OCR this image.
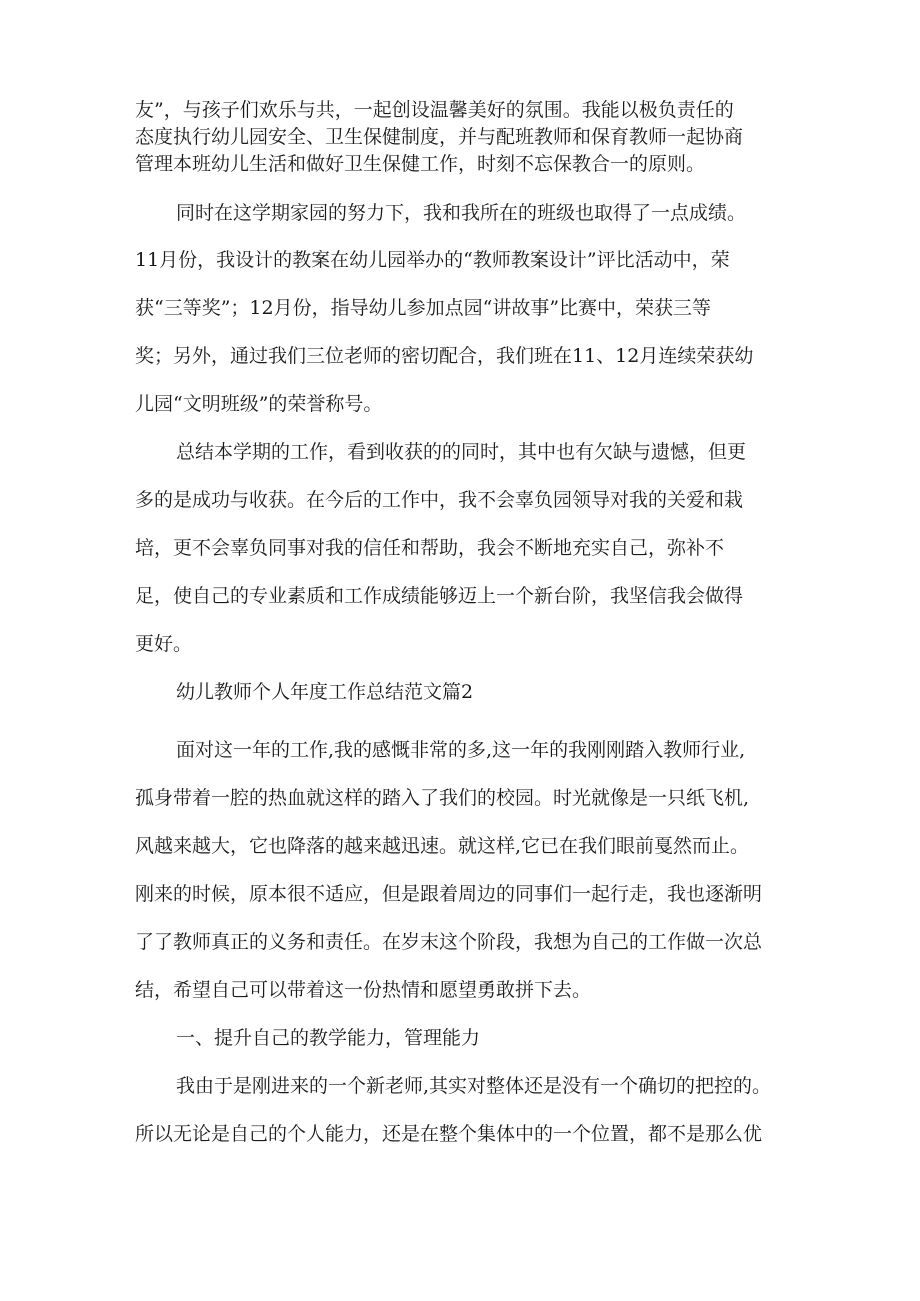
友”，与孩子们欢乐与共，一起创设温馨美好的氛围。我能以极负责任的
态度执行幼儿园安全、卫生保健制度，并与配班教师和保育教师一起协商
管理本班幼儿生活和做好卫生保健工作，时刻不忘保教合一的原则。
同时在这学期家园的努力下，我和我所在的班级也取得了一点成绩。
11月份，我设计的教案在幼儿园举办的“教师教案设计”评比活动中，荣
获“三等奖”；12月份，指导幼儿参加点园“讲故事”比赛中，荣获三等
奖；另外，通过我们三位老师的密切配合，我们班在11、12月连续荣获幼
儿园“文明班级”的荣誉称号。
总结本学期的工作，看到收获的的同时，其中也有欠缺与遗憾，但更
多的是成功与收获。在今后的工作中，我不会辜负园领导对我的关爱和栽
培，更不会辜负同事对我的信任和帮助，我会不断地充实自己，弥补不
足，使自己的专业素质和工作成绩能够迈上一个新台阶，我坚信我会做得
更好。
幼儿教师个人年度工作总结范文篇2
面对这一年的工作,我的感慨非常的多,这一年的我刚刚踏入教师行业,
孤身带着一腔的热血就这样的踏入了我们的校园。时光就像是一只纸飞机,
风越来越大，它也降落的越来越迅速。就这样,它已在我们眼前戛然而止。
刚来的时候，原本很不适应，但是跟着周边的同事们一起行走，我也逐渐明
了了教师真正的义务和责任。在岁末这个阶段，我想为自己的工作做一次总
结，希望自己可以带着这一份热情和愿望勇敢拼下去。
一、提升自己的教学能力，管理能力
我由于是刚进来的一个新老师,其实对整体还是没有一个确切的把控的。
所以无论是自己的个人能力，还是在整个集体中的一个位置，都不是那么优
